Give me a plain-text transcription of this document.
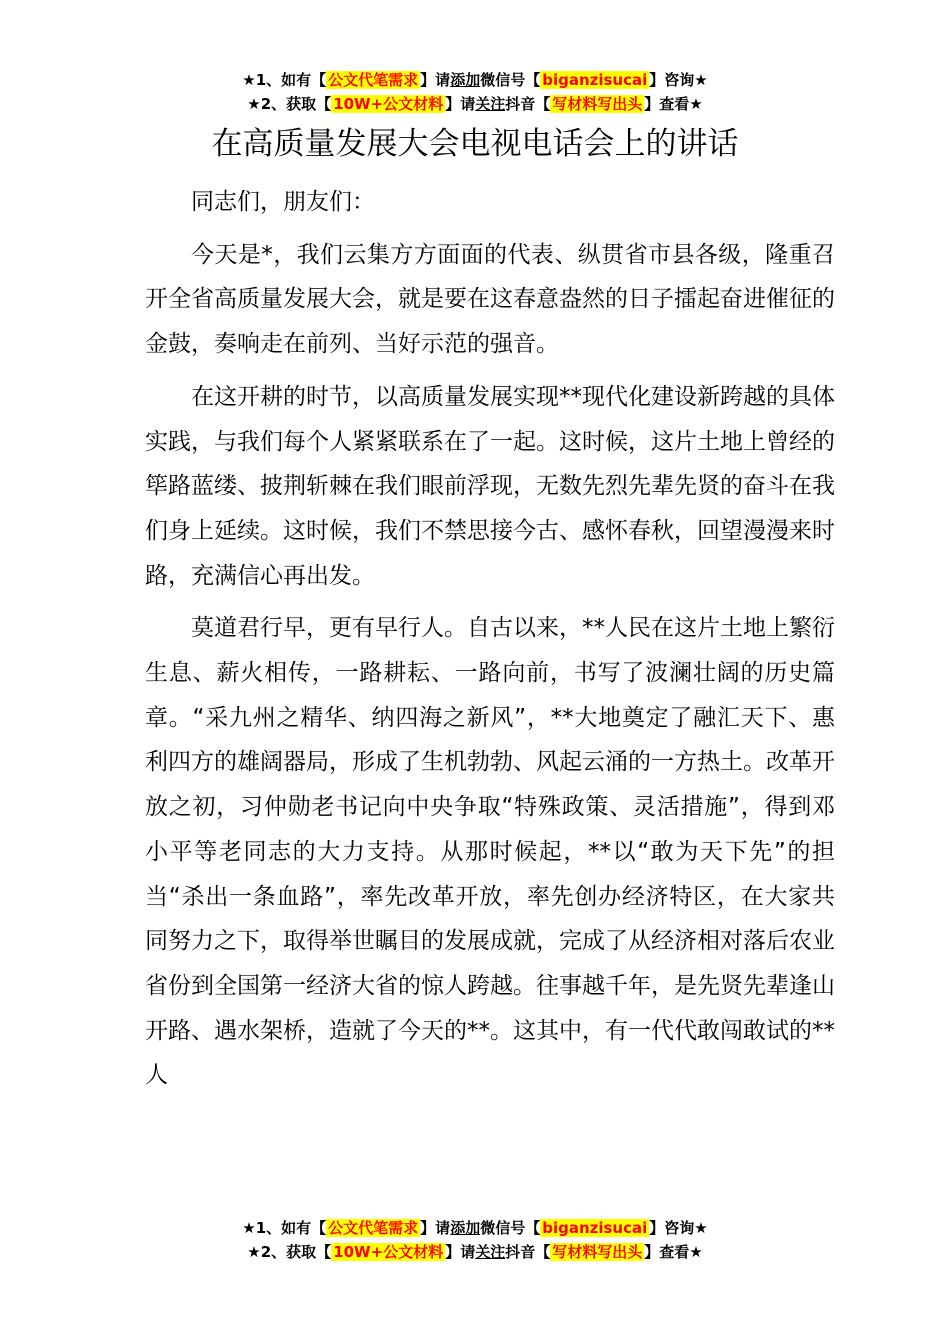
★1、如有【 公文代笔需求 】请添加微信号【 biganzisucai 】咨询★
★2、获取【 10W+公文材料 】请关注抖音【 写材料写出头 】查看★
在高质量发展大会电视电话会上的讲话

同志们，朋友们：

今天是*，我们云集方方面面的代表、纵贯省市县各级，隆重召开全省高质量发展大会，就是要在这春意盎然的日子擂起奋进催征的金鼓，奏响走在前列、当好示范的强音。

在这开耕的时节，以高质量发展实现**现代化建设新跨越的具体实践，与我们每个人紧紧联系在了一起。这时候，这片土地上曾经的筚路蓝缕、披荆斩棘在我们眼前浮现，无数先烈先辈先贤的奋斗在我们身上延续。这时候，我们不禁思接今古、感怀春秋，回望漫漫来时路，充满信心再出发。

莫道君行早，更有早行人。自古以来，**人民在这片土地上繁衍生息、薪火相传，一路耕耘、一路向前，书写了波澜壮阔的历史篇章。“采九州之精华、纳四海之新风”，**大地奠定了融汇天下、惠利四方的雄阔器局，形成了生机勃勃、风起云涌的一方热土。改革开放之初，习仲勋老书记向中央争取“特殊政策、灵活措施”，得到邓小平等老同志的大力支持。从那时候起，**以“敢为天下先”的担当“杀出一条血路”，率先改革开放，率先创办经济特区，在大家共同努力之下，取得举世瞩目的发展成就，完成了从经济相对落后农业省份到全国第一经济大省的惊人跨越。往事越千年，是先贤先辈逢山开路、遇水架桥，造就了今天的**。这其中，有一代代敢闯敢试的**人

★1、如有【 公文代笔需求 】请添加微信号【 biganzisucai 】咨询★
★2、获取【 10W+公文材料 】请关注抖音【 写材料写出头 】查看★
